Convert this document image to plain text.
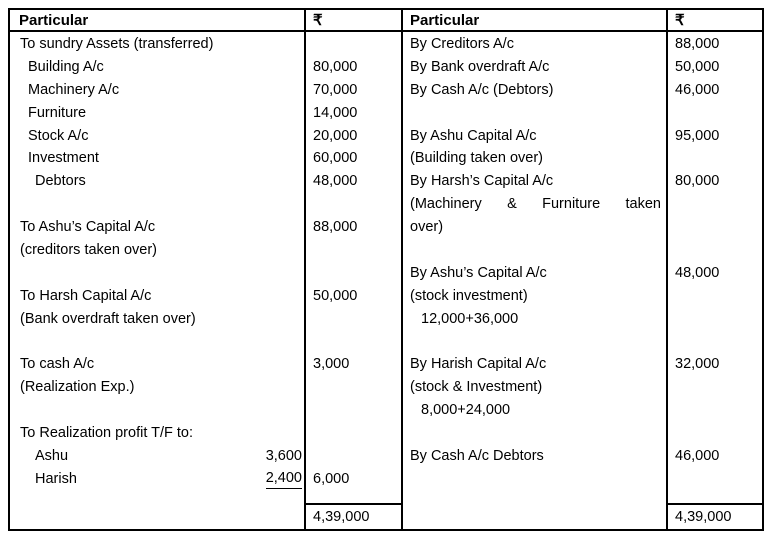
Particular
To sundry Assets (transferred)
Building A/c
Machinery A/c
Furniture
Stock A/c
Investment
Debtors
To Ashu’s Capital A/c
(creditors taken over)
To Harsh Capital A/c
(Bank overdraft taken over)
To cash A/c
(Realization Exp.)
To Realization profit T/F to:
Ashu	3,600
Harish	2,400
₹
80,000
70,000
14,000
20,000
60,000
48,000
88,000
50,000
3,000
6,000
4,39,000
Particular
By Creditors A/c
By Bank overdraft A/c
By Cash A/c (Debtors)
By Ashu Capital A/c
(Building taken over)
By Harsh’s Capital A/c
(Machinery & Furniture taken
over)
By Ashu’s Capital A/c
(stock investment)
12,000+36,000
By Harish Capital A/c
(stock & Investment)
8,000+24,000
By Cash A/c Debtors
₹
88,000
50,000
46,000
95,000
80,000
48,000
32,000
46,000
4,39,000
